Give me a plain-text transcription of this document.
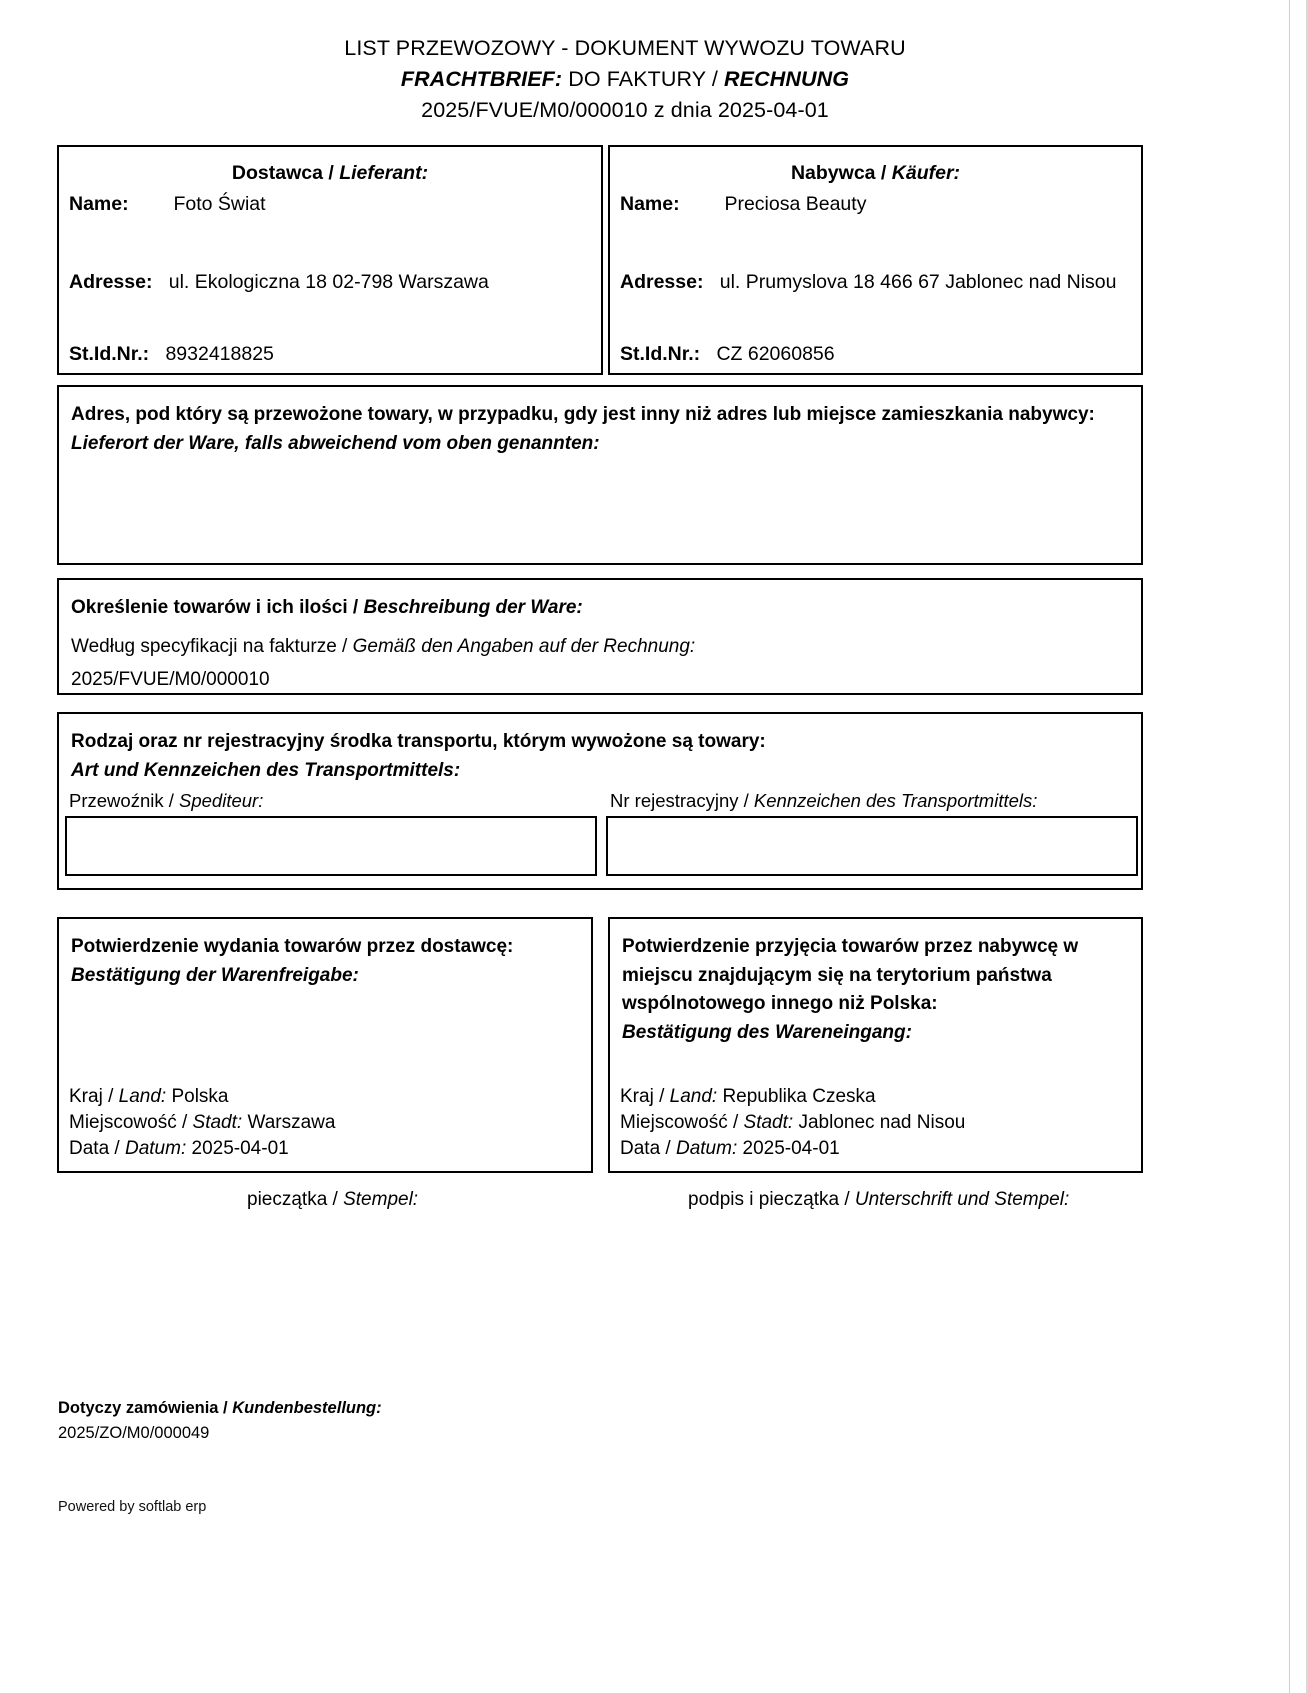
LIST PRZEWOZOWY - DOKUMENT WYWOZU TOWARU
FRACHTBRIEF: DO FAKTURY / RECHNUNG
2025/FVUE/M0/000010 z dnia 2025-04-01
Dostawca / Lieferant:
Name: Foto Świat
Adresse: ul. Ekologiczna 18 02-798 Warszawa
St.Id.Nr.: 8932418825
Nabywca / Käufer:
Name: Preciosa Beauty
Adresse: ul. Prumyslova 18 466 67 Jablonec nad Nisou
St.Id.Nr.: CZ 62060856
Adres, pod który są przewożone towary, w przypadku, gdy jest inny niż adres lub miejsce zamieszkania nabywcy:
Lieferort der Ware, falls abweichend vom oben genannten:
Określenie towarów i ich ilości / Beschreibung der Ware:
Według specyfikacji na fakturze / Gemäß den Angaben auf der Rechnung:
2025/FVUE/M0/000010
Rodzaj oraz nr rejestracyjny środka transportu, którym wywożone są towary:
Art und Kennzeichen des Transportmittels:
Przewoźnik / Spediteur:	Nr rejestracyjny / Kennzeichen des Transportmittels:
Potwierdzenie wydania towarów przez dostawcę:
Bestätigung der Warenfreigabe:
Kraj / Land: Polska
Miejscowość / Stadt: Warszawa
Data / Datum: 2025-04-01
Potwierdzenie przyjęcia towarów przez nabywcę w
miejscu znajdującym się na terytorium państwa
wspólnotowego innego niż Polska:
Bestätigung des Wareneingang:
Kraj / Land: Republika Czeska
Miejscowość / Stadt: Jablonec nad Nisou
Data / Datum: 2025-04-01
pieczątka / Stempel:	podpis i pieczątka / Unterschrift und Stempel:
Dotyczy zamówienia / Kundenbestellung:
2025/ZO/M0/000049
Powered by softlab erp
